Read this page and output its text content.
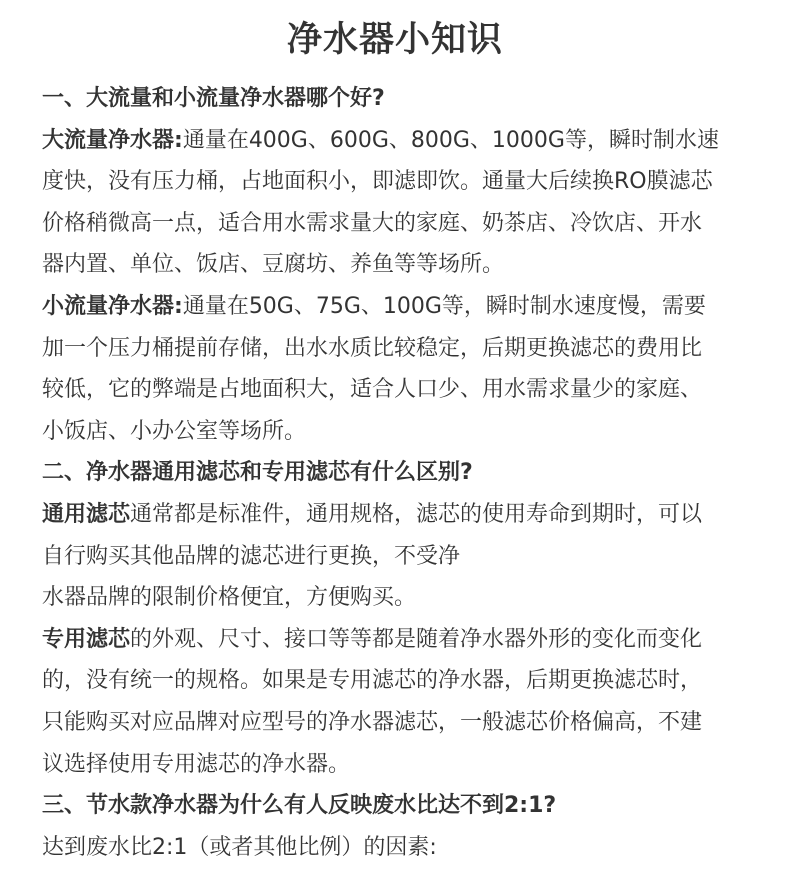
净水器小知识
一、大流量和小流量净水器哪个好?
大流量净水器:通量在400G、600G、800G、1000G等，瞬时制水速
度快，没有压力桶，占地面积小，即滤即饮。通量大后续换RO膜滤芯
价格稍微高一点，适合用水需求量大的家庭、奶茶店、冷饮店、开水
器内置、单位、饭店、豆腐坊、养鱼等等场所。
小流量净水器:通量在50G、75G、100G等，瞬时制水速度慢，需要
加一个压力桶提前存储，出水水质比较稳定，后期更换滤芯的费用比
较低，它的弊端是占地面积大，适合人口少、用水需求量少的家庭、
小饭店、小办公室等场所。
二、净水器通用滤芯和专用滤芯有什么区别?
通用滤芯通常都是标准件，通用规格，滤芯的使用寿命到期时，可以
自行购买其他品牌的滤芯进行更换，不受净
水器品牌的限制价格便宜，方便购买。
专用滤芯的外观、尺寸、接口等等都是随着净水器外形的变化而变化
的，没有统一的规格。如果是专用滤芯的净水器，后期更换滤芯时，
只能购买对应品牌对应型号的净水器滤芯，一般滤芯价格偏高，不建
议选择使用专用滤芯的净水器。
三、节水款净水器为什么有人反映废水比达不到2:1?
达到废水比2:1（或者其他比例）的因素:
